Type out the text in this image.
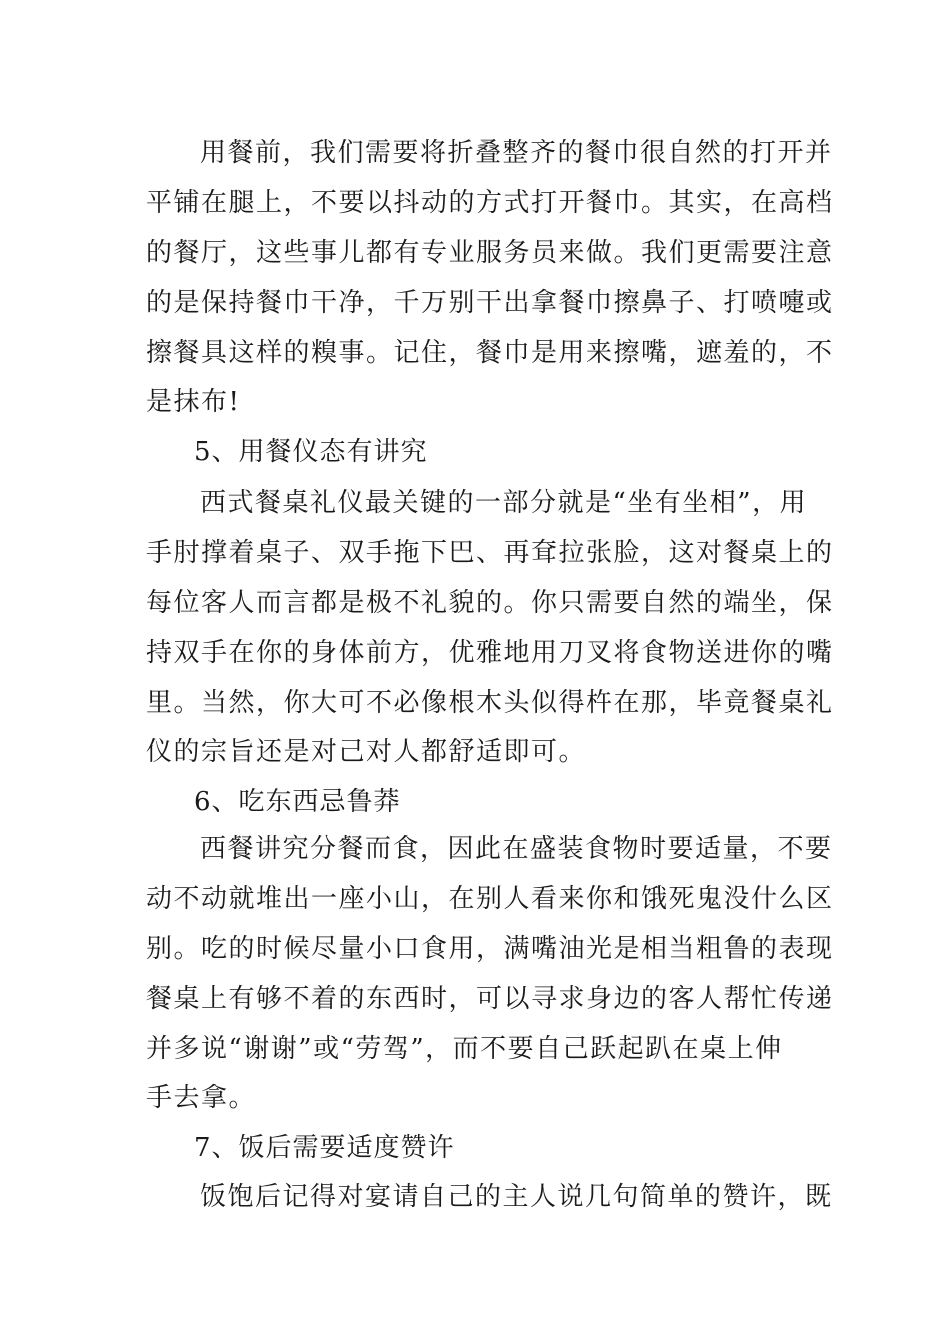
用餐前，我们需要将折叠整齐的餐巾很自然的打开并
平铺在腿上，不要以抖动的方式打开餐巾。其实，在高档
的餐厅，这些事儿都有专业服务员来做。我们更需要注意
的是保持餐巾干净，千万别干出拿餐巾擦鼻子、打喷嚏或
擦餐具这样的糗事。记住，餐巾是用来擦嘴，遮羞的，不
是抹布!
5、用餐仪态有讲究
西式餐桌礼仪最关键的一部分就是“坐有坐相”，用
手肘撑着桌子、双手拖下巴、再耷拉张脸，这对餐桌上的
每位客人而言都是极不礼貌的。你只需要自然的端坐，保
持双手在你的身体前方，优雅地用刀叉将食物送进你的嘴
里。当然，你大可不必像根木头似得杵在那，毕竟餐桌礼
仪的宗旨还是对己对人都舒适即可。
6、吃东西忌鲁莽
西餐讲究分餐而食，因此在盛装食物时要适量，不要
动不动就堆出一座小山，在别人看来你和饿死鬼没什么区
别。吃的时候尽量小口食用，满嘴油光是相当粗鲁的表现
餐桌上有够不着的东西时，可以寻求身边的客人帮忙传递
并多说“谢谢”或“劳驾”，而不要自己跃起趴在桌上伸
手去拿。
7、饭后需要适度赞许
饭饱后记得对宴请自己的主人说几句简单的赞许，既
